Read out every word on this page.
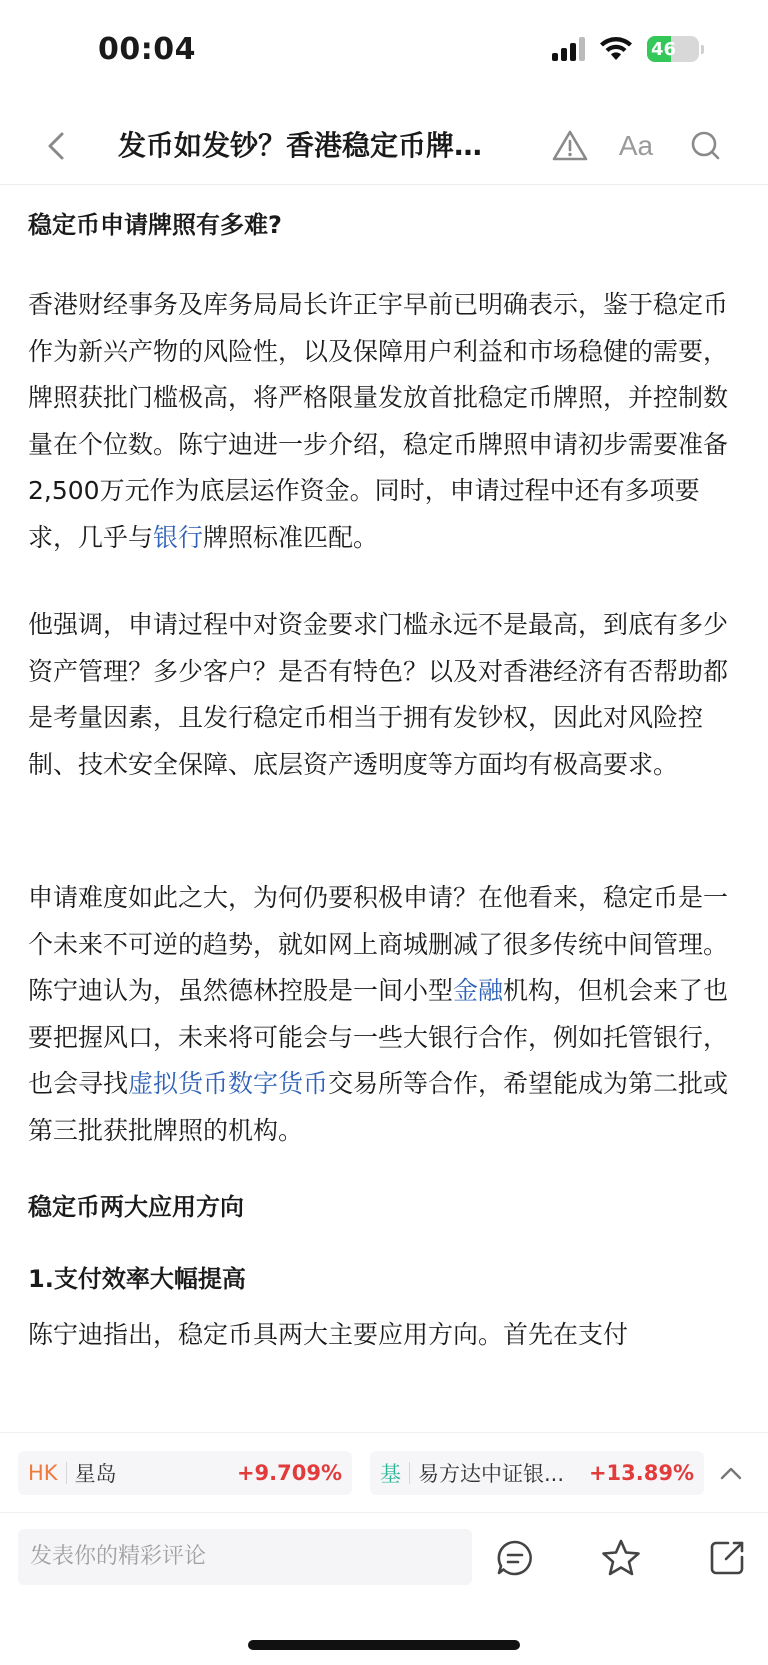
00:04	46
发币如发钞？香港稳定币牌…	Aa
稳定币申请牌照有多难?

香港财经事务及库务局局长许正宇早前已明确表示，鉴于稳定币作为新兴产物的风险性，以及保障用户利益和市场稳健的需要，牌照获批门槛极高，将严格限量发放首批稳定币牌照，并控制数量在个位数。陈宁迪进一步介绍，稳定币牌照申请初步需要准备2,500万元作为底层运作资金。同时，申请过程中还有多项要求，几乎与银行牌照标准匹配。

他强调，申请过程中对资金要求门槛永远不是最高，到底有多少资产管理？多少客户？是否有特色？以及对香港经济有否帮助都是考量因素，且发行稳定币相当于拥有发钞权，因此对风险控制、技术安全保障、底层资产透明度等方面均有极高要求。

申请难度如此之大，为何仍要积极申请？在他看来，稳定币是一个未来不可逆的趋势，就如网上商城删减了很多传统中间管理。陈宁迪认为，虽然德林控股是一间小型金融机构，但机会来了也要把握风口，未来将可能会与一些大银行合作，例如托管银行，也会寻找虚拟货币数字货币交易所等合作，希望能成为第二批或第三批获批牌照的机构。

稳定币两大应用方向
1.支付效率大幅提高

陈宁迪指出，稳定币具两大主要应用方向。首先在支付

HK 星岛	+9.709%	基 易方达中证银...	+13.89%
发表你的精彩评论
